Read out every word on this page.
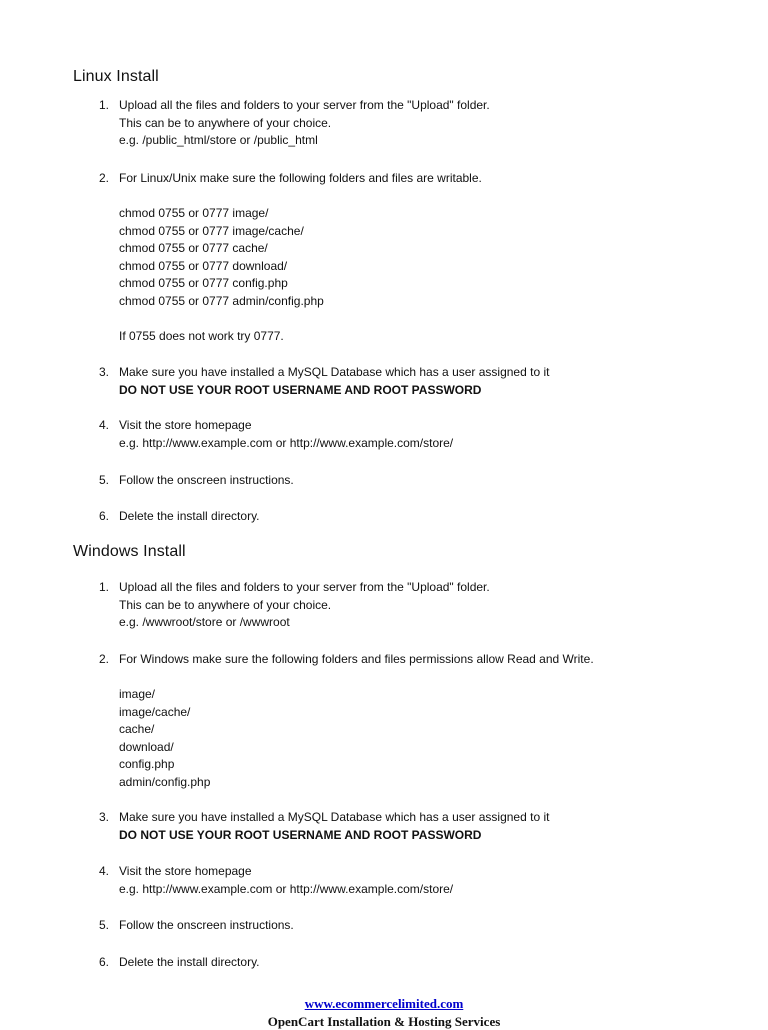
Linux Install
1. Upload all the files and folders to your server from the "Upload" folder.
This can be to anywhere of your choice.
e.g. /public_html/store or /public_html
2. For Linux/Unix make sure the following folders and files are writable.
chmod 0755 or 0777 image/
chmod 0755 or 0777 image/cache/
chmod 0755 or 0777 cache/
chmod 0755 or 0777 download/
chmod 0755 or 0777 config.php
chmod 0755 or 0777 admin/config.php
If 0755 does not work try 0777.
3. Make sure you have installed a MySQL Database which has a user assigned to it
DO NOT USE YOUR ROOT USERNAME AND ROOT PASSWORD
4. Visit the store homepage
e.g. http://www.example.com or http://www.example.com/store/
5. Follow the onscreen instructions.
6. Delete the install directory.
Windows Install
1. Upload all the files and folders to your server from the "Upload" folder.
This can be to anywhere of your choice.
e.g. /wwwroot/store or /wwwroot
2. For Windows make sure the following folders and files permissions allow Read and Write.
image/
image/cache/
cache/
download/
config.php
admin/config.php
3. Make sure you have installed a MySQL Database which has a user assigned to it
DO NOT USE YOUR ROOT USERNAME AND ROOT PASSWORD
4. Visit the store homepage
e.g. http://www.example.com or http://www.example.com/store/
5. Follow the onscreen instructions.
6. Delete the install directory.
www.ecommercelimited.com
OpenCart Installation & Hosting Services
